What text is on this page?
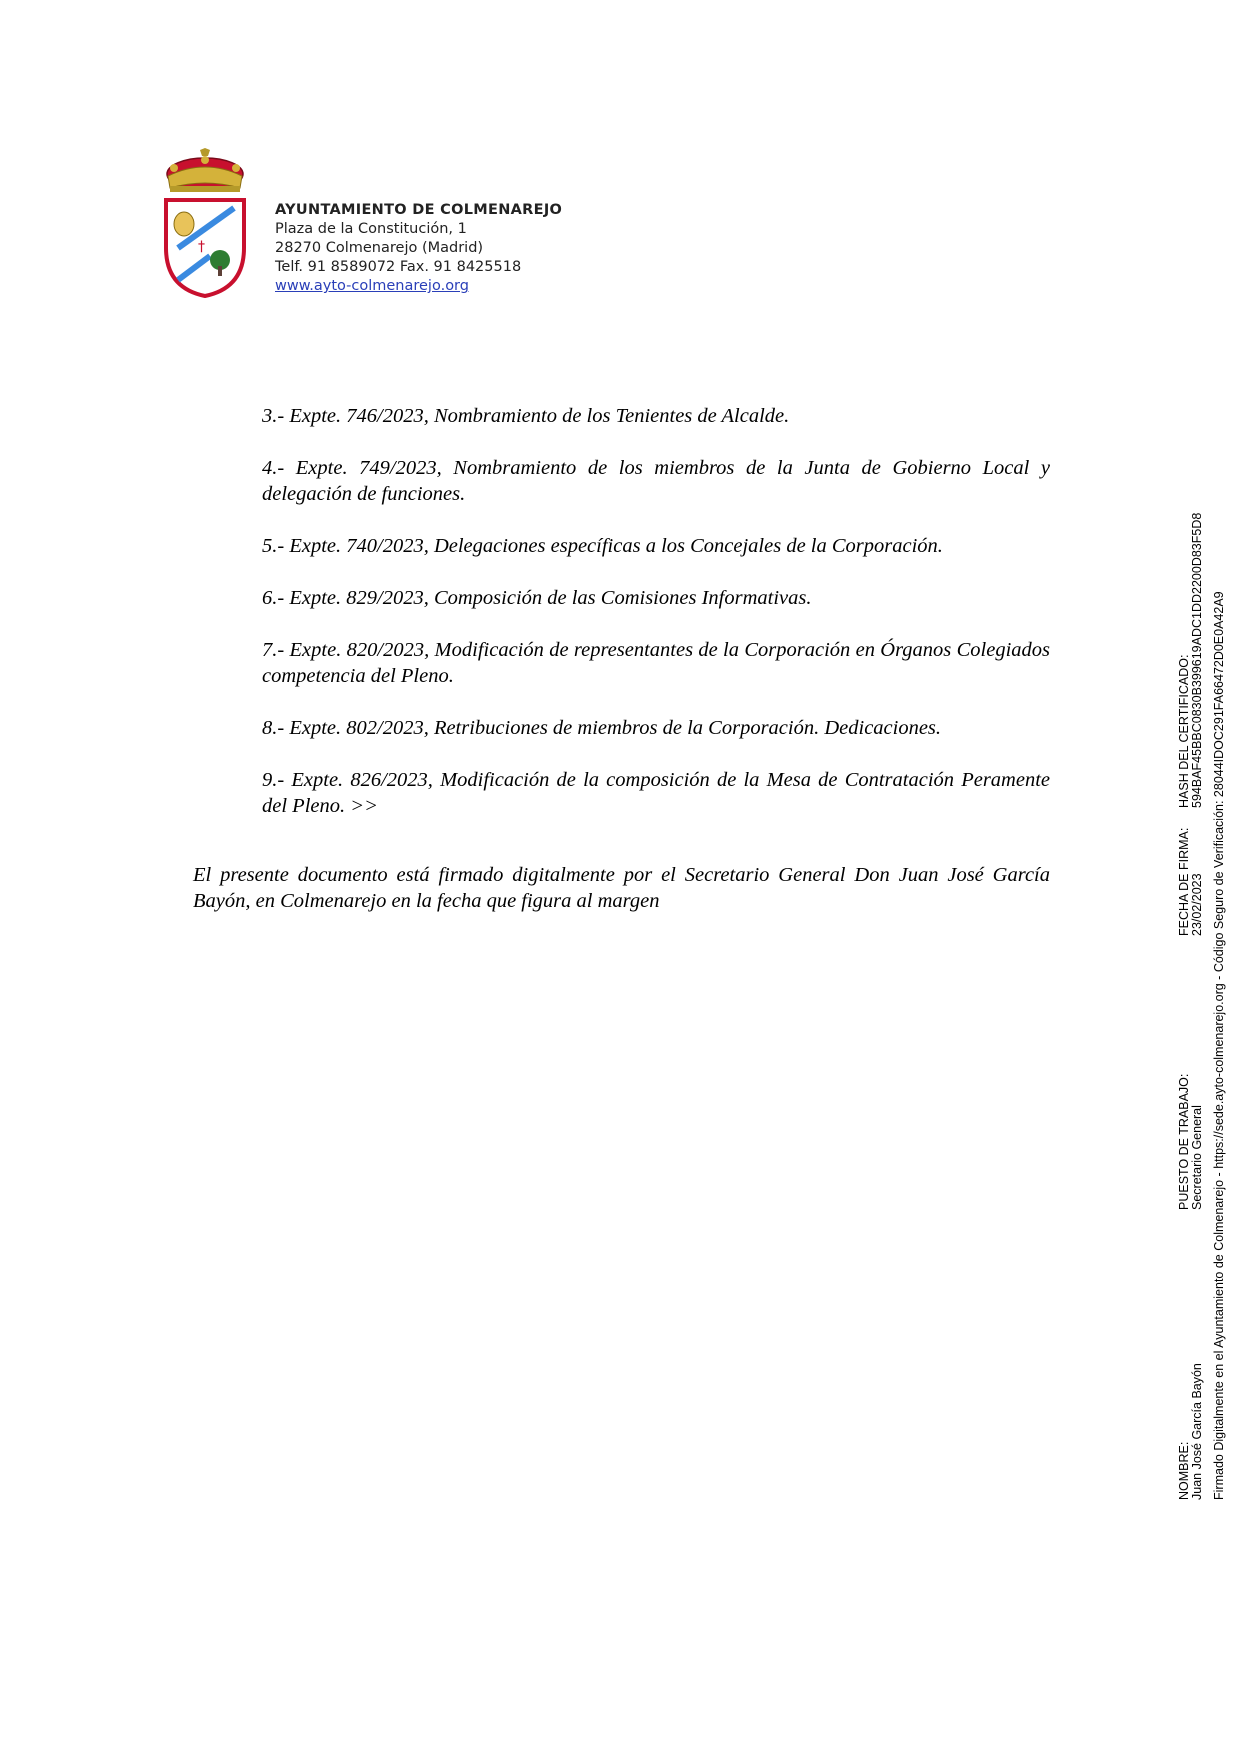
†
AYUNTAMIENTO DE COLMENAREJO
Plaza de la Constitución, 1
28270 Colmenarejo (Madrid)
Telf. 91 8589072 Fax. 91 8425518
www.ayto-colmenarejo.org

3.- Expte. 746/2023, Nombramiento de los Tenientes de Alcalde.

4.- Expte. 749/2023, Nombramiento de los miembros de la Junta de Gobierno Local y delegación de funciones.

5.- Expte. 740/2023, Delegaciones específicas a los Concejales de la Corporación.

6.- Expte. 829/2023, Composición de las Comisiones Informativas.

7.- Expte. 820/2023, Modificación de representantes de la Corporación en Órganos Colegiados competencia del Pleno.

8.- Expte. 802/2023, Retribuciones de miembros de la Corporación. Dedicaciones.

9.- Expte. 826/2023, Modificación de la composición de la Mesa de Contratación Peramente del Pleno. >>

El presente documento está firmado digitalmente por el Secretario General Don Juan José García Bayón, en Colmenarejo en la fecha que figura al margen

NOMBRE: Juan José García Bayón
PUESTO DE TRABAJO: Secretario General
FECHA DE FIRMA: 23/02/2023
HASH DEL CERTIFICADO: 594BAF45BBC0830B399619ADC1DD2200D83F5D8 Firmado Digitalmente en el Ayuntamiento de Colmenarejo - https://sede.ayto-colmenarejo.org - Código Seguro de Verificación: 28044IDOC291FA66472D0E0A42A9
